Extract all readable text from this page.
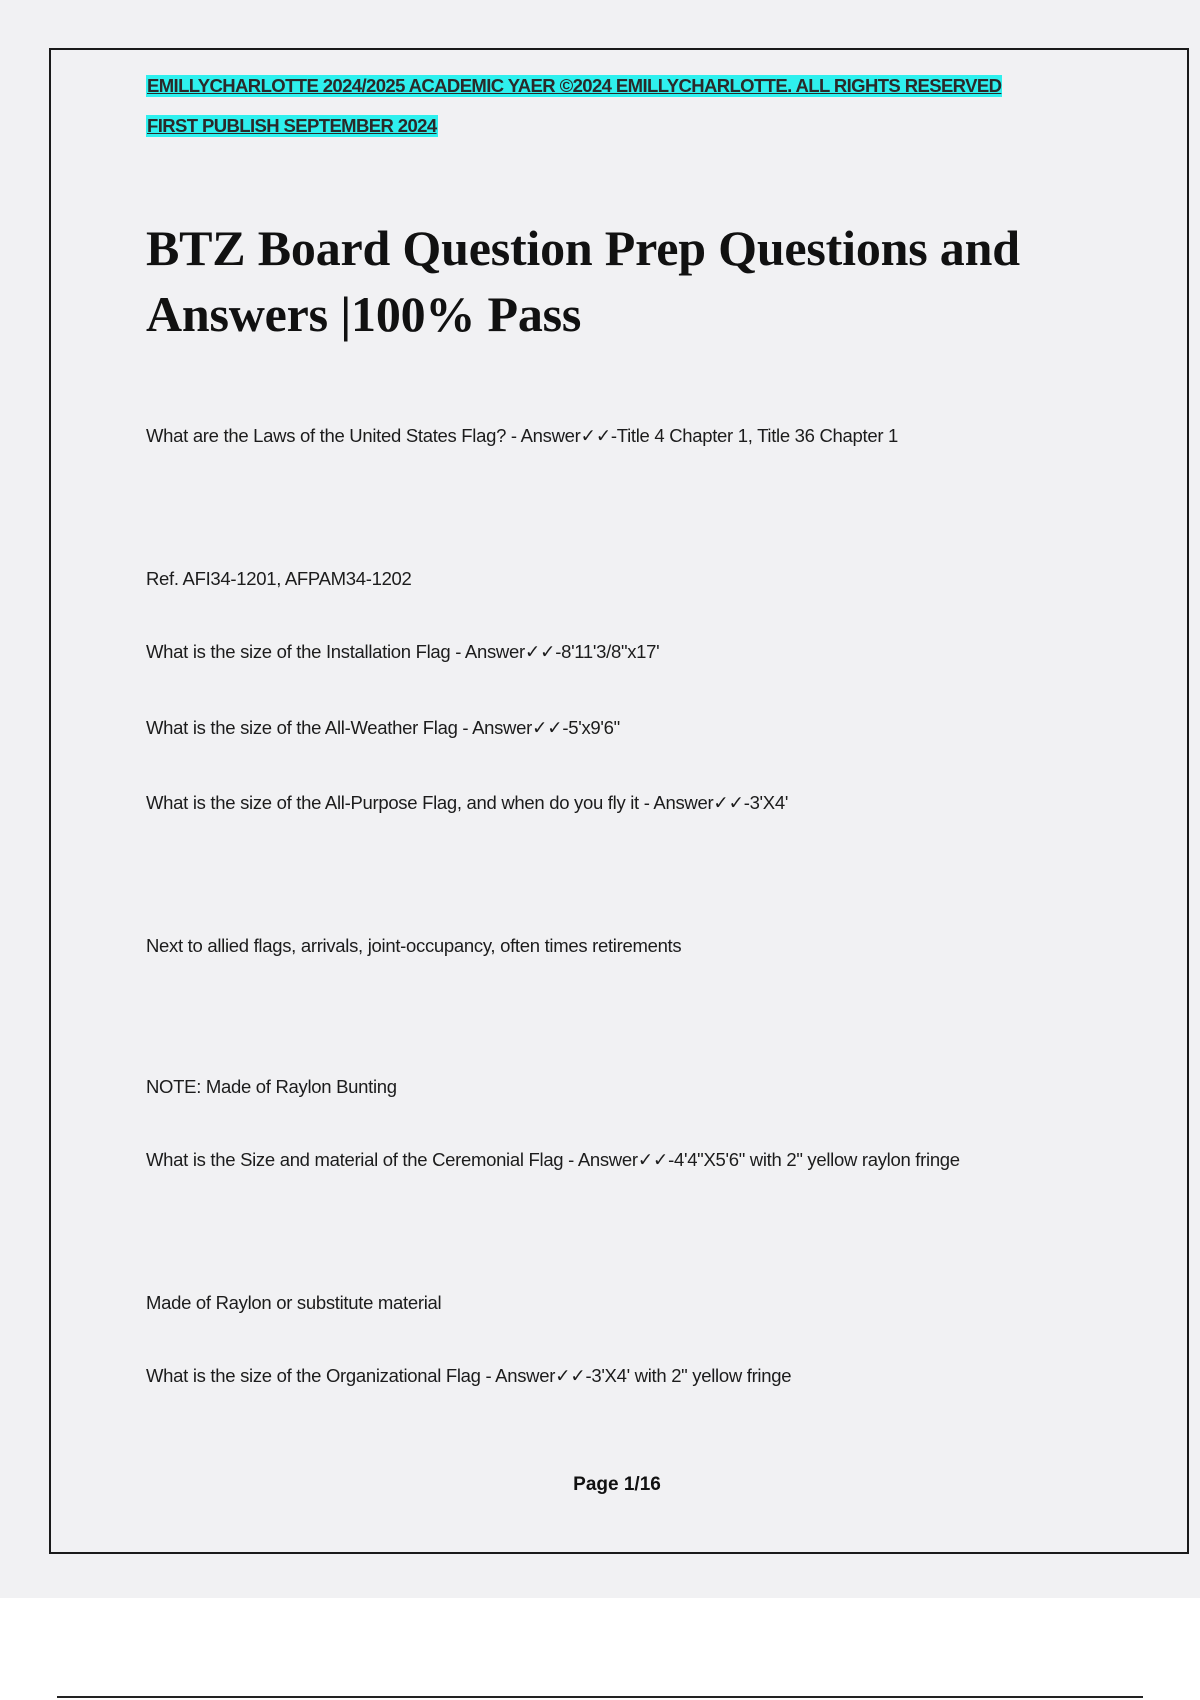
EMILLYCHARLOTTE 2024/2025 ACADEMIC YAER ©2024 EMILLYCHARLOTTE. ALL RIGHTS RESERVED
FIRST PUBLISH SEPTEMBER 2024
BTZ Board Question Prep Questions and Answers |100% Pass
What are the Laws of the United States Flag? - Answer✓✓-Title 4 Chapter 1, Title 36 Chapter 1
Ref. AFI34-1201, AFPAM34-1202
What is the size of the Installation Flag - Answer✓✓-8'11'3/8"x17'
What is the size of the All-Weather Flag - Answer✓✓-5'x9'6"
What is the size of the All-Purpose Flag, and when do you fly it - Answer✓✓-3'X4'
Next to allied flags, arrivals, joint-occupancy, often times retirements
NOTE: Made of Raylon Bunting
What is the Size and material of the Ceremonial Flag - Answer✓✓-4'4"X5'6" with 2" yellow raylon fringe
Made of Raylon or substitute material
What is the size of the Organizational Flag - Answer✓✓-3'X4' with 2" yellow fringe
Page 1/16
